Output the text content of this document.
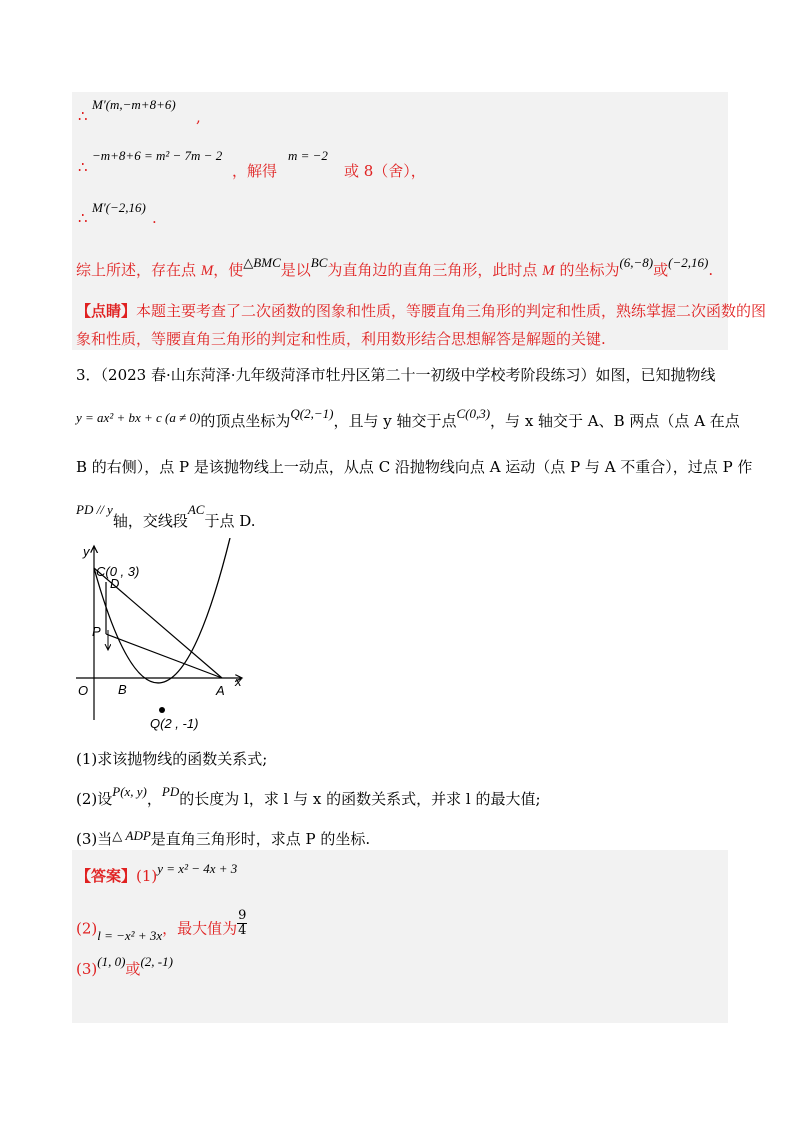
∴
M′(m,−m+8+6)
,
∴
−m+8+6 = m² − 7m − 2
，解得
m = −2
或 8（舍），
∴
M′(−2,16)
.
综上所述，存在点 M，使△BMC是以BC为直角边的直角三角形，此时点 M 的坐标为(6,−8)或(−2,16).
【点睛】本题主要考查了二次函数的图象和性质，等腰直角三角形的判定和性质，熟练掌握二次函数的图
象和性质，等腰直角三角形的判定和性质，利用数形结合思想解答是解题的关键.
3．（2023 春·山东菏泽·九年级菏泽市牡丹区第二十一初级中学校考阶段练习）如图，已知抛物线
y = ax² + bx + c (a ≠ 0)的顶点坐标为Q(2,−1)，且与 y 轴交于点C(0,3)，与 x 轴交于 A、B 两点（点 A 在点
B 的右侧），点 P 是该抛物线上一动点，从点 C 沿抛物线向点 A 运动（点 P 与 A 不重合），过点 P 作
PD // y轴，交线段AC于点 D.
y
x
O
C(0 , 3)
D
P
B	A
Q(2 , -1)
(1)求该抛物线的函数关系式;
(2)设P(x, y)，PD的长度为 l，求 l 与 x 的函数关系式，并求 l 的最大值;
(3)当△ ADP是直角三角形时，求点 P 的坐标.
【答案】(1)y = x² − 4x + 3
(2)l = −x² + 3x，最大值为 $\frac{9}{4}$
(3)(1, 0)或(2, -1)
